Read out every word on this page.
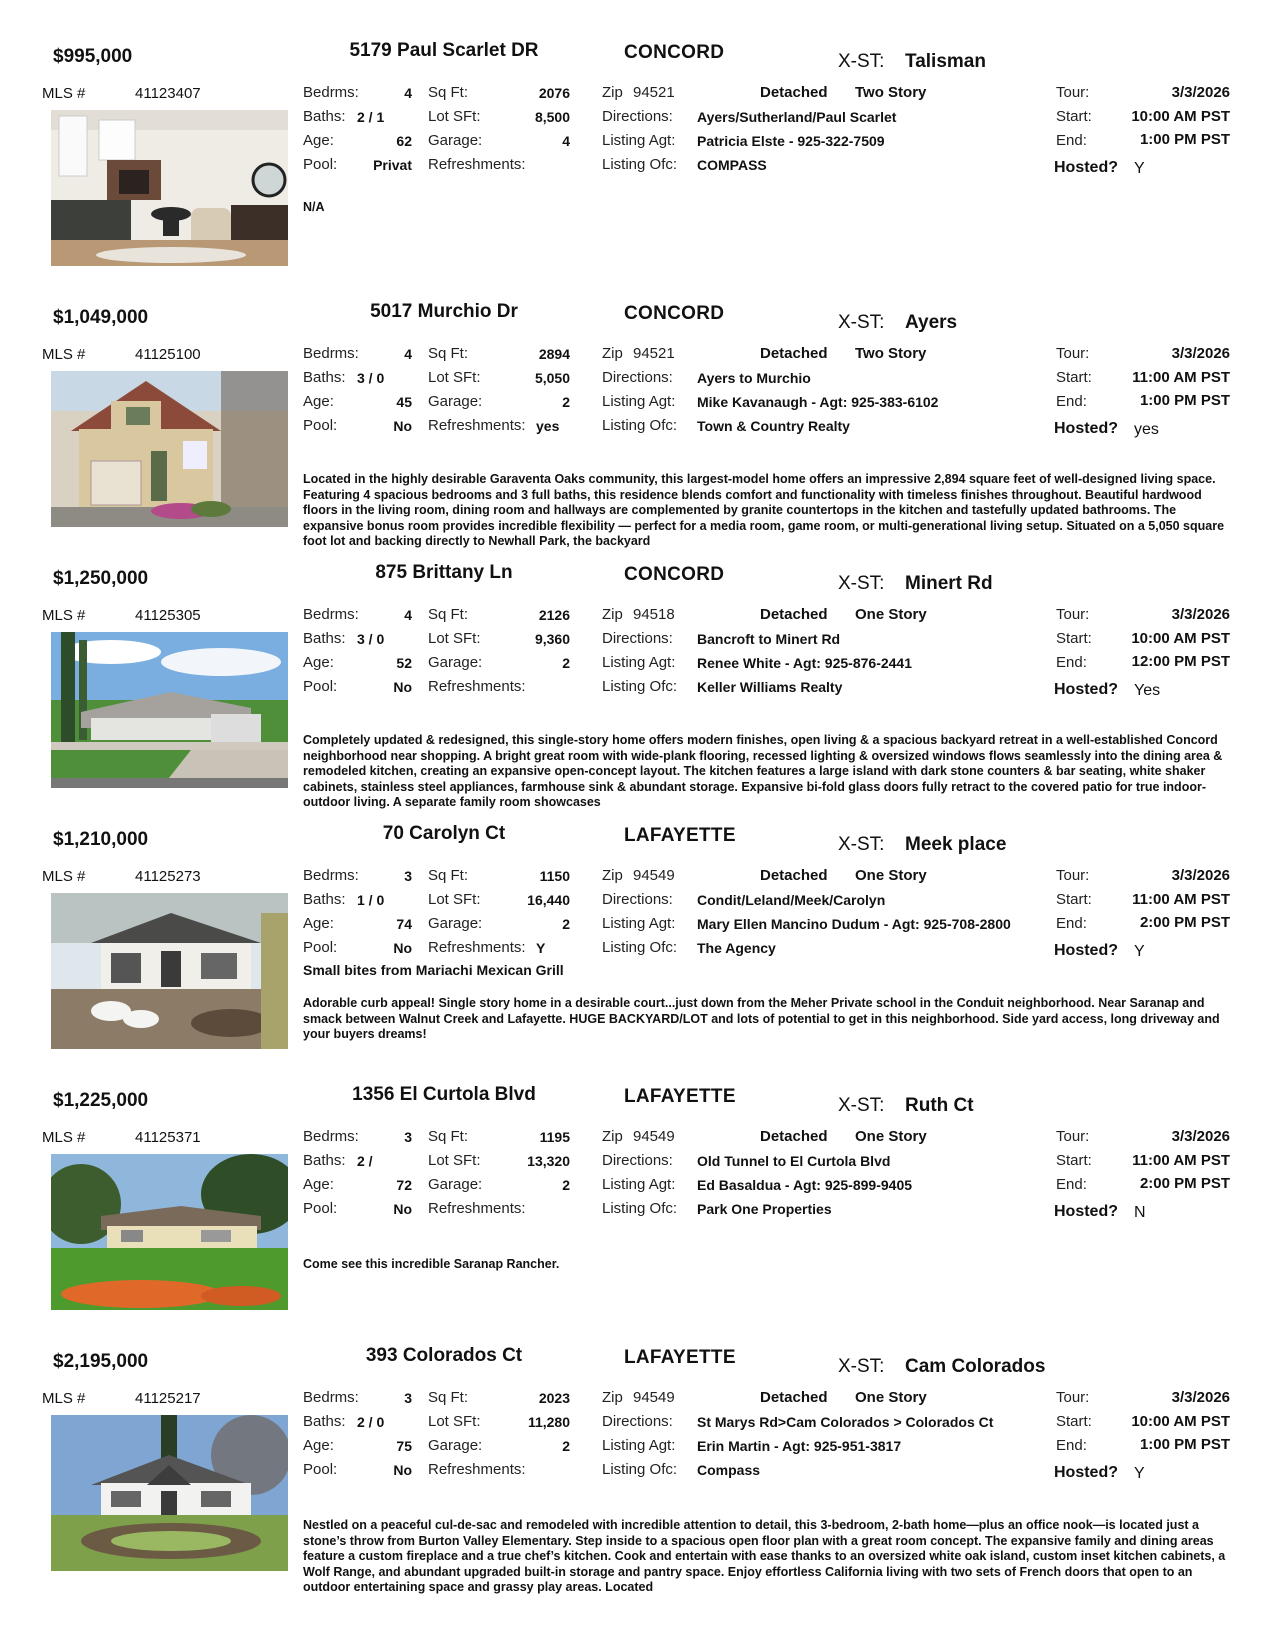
$995,000	5179 Paul Scarlet DR	CONCORD	X-ST: Talisman
MLS #	41123407	Bedrms:	4
Baths: 2 / 1
Age:	62
Pool:	Privat
Sq Ft:	2076
Lot SFt:	8,500
Garage:	4
Refreshments:
Zip 94521	Detached Two Story
Directions: Ayers/Sutherland/Paul Scarlet
Listing Agt: Patricia Elste - 925-322-7509
Listing Ofc: COMPASS
Tour:	3/3/2026
Start:	10:00 AM PST
End:	1:00 PM PST
Hosted? Y
N/A
$1,049,000	5017 Murchio Dr	CONCORD	X-ST: Ayers
MLS #	41125100	Bedrms:	4
Baths: 3 / 0
Age:	45
Pool:	No
Sq Ft:	2894
Lot SFt:	5,050
Garage:	2
Refreshments: yes
Zip 94521	Detached Two Story
Directions: Ayers to Murchio
Listing Agt: Mike Kavanaugh - Agt: 925-383-6102
Listing Ofc: Town & Country Realty
Tour:	3/3/2026
Start:	11:00 AM PST
End:	1:00 PM PST
Hosted? yes
Located in the highly desirable Garaventa Oaks community, this largest-model home offers an impressive 2,894 square feet of well-designed living space. Featuring 4 spacious bedrooms and 3 full baths, this residence blends comfort and functionality with timeless finishes throughout. Beautiful hardwood floors in the living room, dining room and hallways are complemented by granite countertops in the kitchen and tastefully updated bathrooms. The expansive bonus room provides incredible flexibility — perfect for a media room, game room, or multi-generational living setup. Situated on a 5,050 square foot lot and backing directly to Newhall Park, the backyard
$1,250,000	875 Brittany Ln	CONCORD	X-ST: Minert Rd
MLS #	41125305	Bedrms:	4
Baths: 3 / 0
Age:	52
Pool:	No
Sq Ft:	2126
Lot SFt:	9,360
Garage:	2
Refreshments:
Zip 94518	Detached One Story
Directions: Bancroft to Minert Rd
Listing Agt: Renee White - Agt: 925-876-2441
Listing Ofc: Keller Williams Realty
Tour:	3/3/2026
Start:	10:00 AM PST
End:	12:00 PM PST
Hosted? Yes
Completely updated & redesigned, this single-story home offers modern finishes, open living & a spacious backyard retreat in a well-established Concord neighborhood near shopping. A bright great room with wide-plank flooring, recessed lighting & oversized windows flows seamlessly into the dining area & remodeled kitchen, creating an expansive open-concept layout. The kitchen features a large island with dark stone counters & bar seating, white shaker cabinets, stainless steel appliances, farmhouse sink & abundant storage. Expansive bi-fold glass doors fully retract to the covered patio for true indoor-outdoor living. A separate family room showcases
$1,210,000	70 Carolyn Ct	LAFAYETTE	X-ST: Meek place
MLS #	41125273	Bedrms:	3
Baths: 1 / 0
Age:	74
Pool:	No
Sq Ft:	1150
Lot SFt:	16,440
Garage:	2
Refreshments: Y
Zip 94549	Detached One Story
Directions: Condit/Leland/Meek/Carolyn
Listing Agt: Mary Ellen Mancino Dudum - Agt: 925-708-2800
Listing Ofc: The Agency
Tour:	3/3/2026
Start:	11:00 AM PST
End:	2:00 PM PST
Hosted? Y
Small bites from Mariachi Mexican Grill
Adorable curb appeal! Single story home in a desirable court...just down from the Meher Private school in the Conduit neighborhood. Near Saranap and smack between Walnut Creek and Lafayette. HUGE BACKYARD/LOT and lots of potential to get in this neighborhood. Side yard access, long driveway and your buyers dreams!
$1,225,000	1356 El Curtola Blvd	LAFAYETTE	X-ST: Ruth Ct
MLS #	41125371	Bedrms:	3
Baths: 2 /
Age:	72
Pool:	No
Sq Ft:	1195
Lot SFt:	13,320
Garage:	2
Refreshments:
Zip 94549	Detached One Story
Directions: Old Tunnel to El Curtola Blvd
Listing Agt: Ed Basaldua - Agt: 925-899-9405
Listing Ofc: Park One Properties
Tour:	3/3/2026
Start:	11:00 AM PST
End:	2:00 PM PST
Hosted? N
Come see this incredible Saranap Rancher.
$2,195,000	393 Colorados Ct	LAFAYETTE	X-ST: Cam Colorados
MLS #	41125217	Bedrms:	3
Baths: 2 / 0
Age:	75
Pool:	No
Sq Ft:	2023
Lot SFt:	11,280
Garage:	2
Refreshments:
Zip 94549	Detached One Story
Directions: St Marys Rd>Cam Colorados > Colorados Ct
Listing Agt: Erin Martin - Agt: 925-951-3817
Listing Ofc: Compass
Tour:	3/3/2026
Start:	10:00 AM PST
End:	1:00 PM PST
Hosted? Y
Nestled on a peaceful cul-de-sac and remodeled with incredible attention to detail, this 3-bedroom, 2-bath home—plus an office nook—is located just a stone’s throw from Burton Valley Elementary. Step inside to a spacious open floor plan with a great room concept. The expansive family and dining areas feature a custom fireplace and a true chef’s kitchen. Cook and entertain with ease thanks to an oversized white oak island, custom inset kitchen cabinets, a Wolf Range, and abundant upgraded built-in storage and pantry space. Enjoy effortless California living with two sets of French doors that open to an outdoor entertaining space and grassy play areas. Located
